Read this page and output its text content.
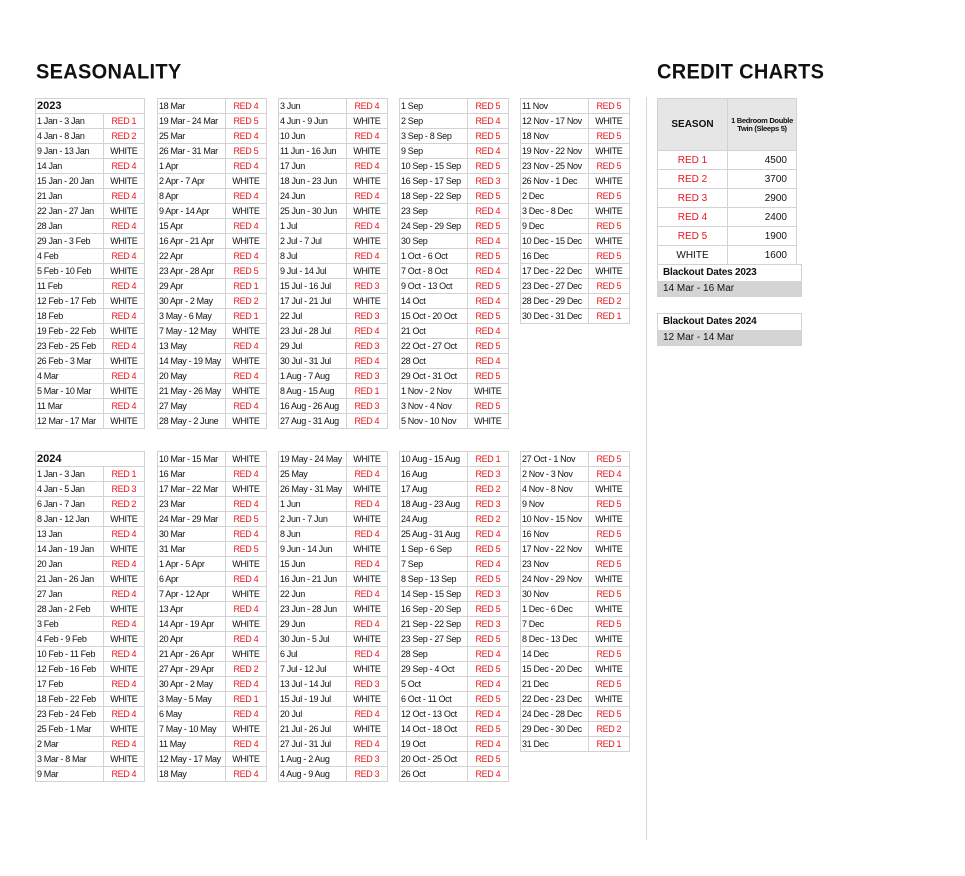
SEASONALITY
2023	
1 Jan - 3 Jan	RED 1
4 Jan - 8 Jan	RED 2
9 Jan - 13 Jan	WHITE
14 Jan	RED 4
15 Jan - 20 Jan	WHITE
21 Jan	RED 4
22 Jan - 27 Jan	WHITE
28 Jan	RED 4
29 Jan - 3 Feb	WHITE
4 Feb	RED 4
5 Feb - 10 Feb	WHITE
11 Feb	RED 4
12 Feb - 17 Feb	WHITE
18 Feb	RED 4
19 Feb - 22 Feb	WHITE
23 Feb - 25 Feb	RED 4
26 Feb - 3 Mar	WHITE
4 Mar	RED 4
5 Mar - 10 Mar	WHITE
11 Mar	RED 4
12 Mar - 17 Mar	WHITE
18 Mar	RED 4
19 Mar - 24 Mar	RED 5
25 Mar	RED 4
26 Mar - 31 Mar	RED 5
1 Apr	RED 4
2 Apr - 7 Apr	WHITE
8 Apr	RED 4
9 Apr - 14 Apr	WHITE
15 Apr	RED 4
16 Apr - 21 Apr	WHITE
22 Apr	RED 4
23 Apr - 28 Apr	RED 5
29 Apr	RED 1
30 Apr - 2 May	RED 2
3 May - 6 May	RED 1
7 May - 12 May	WHITE
13 May	RED 4
14 May - 19 May	WHITE
20 May	RED 4
21 May - 26 May	WHITE
27 May	RED 4
28 May - 2 June	WHITE
3 Jun	RED 4
4 Jun - 9 Jun	WHITE
10 Jun	RED 4
11 Jun - 16 Jun	WHITE
17 Jun	RED 4
18 Jun - 23 Jun	WHITE
24 Jun	RED 4
25 Jun - 30 Jun	WHITE
1 Jul	RED 4
2 Jul - 7 Jul	WHITE
8 Jul	RED 4
9 Jul - 14 Jul	WHITE
15 Jul - 16 Jul	RED 3
17 Jul - 21 Jul	WHITE
22 Jul	RED 3
23 Jul - 28 Jul	RED 4
29 Jul	RED 3
30 Jul - 31 Jul	RED 4
1 Aug - 7 Aug	RED 3
8 Aug - 15 Aug	RED 1
16 Aug - 26 Aug	RED 3
27 Aug - 31 Aug	RED 4
1 Sep	RED 5
2 Sep	RED 4
3 Sep - 8 Sep	RED 5
9 Sep	RED 4
10 Sep - 15 Sep	RED 5
16 Sep - 17 Sep	RED 3
18 Sep - 22 Sep	RED 5
23 Sep	RED 4
24 Sep - 29 Sep	RED 5
30 Sep	RED 4
1 Oct - 6 Oct	RED 5
7 Oct - 8 Oct	RED 4
9 Oct - 13 Oct	RED 5
14 Oct	RED 4
15 Oct - 20 Oct	RED 5
21 Oct	RED 4
22 Oct - 27 Oct	RED 5
28 Oct	RED 4
29 Oct - 31 Oct	RED 5
1 Nov - 2 Nov	WHITE
3 Nov - 4 Nov	RED 5
5 Nov - 10 Nov	WHITE
11 Nov	RED 5
12 Nov - 17 Nov	WHITE
18 Nov	RED 5
19 Nov - 22 Nov	WHITE
23 Nov - 25 Nov	RED 5
26 Nov - 1 Dec	WHITE
2 Dec	RED 5
3 Dec - 8 Dec	WHITE
9 Dec	RED 5
10 Dec - 15 Dec	WHITE
16 Dec	RED 5
17 Dec - 22 Dec	WHITE
23 Dec - 27 Dec	RED 5
28 Dec - 29 Dec	RED 2
30 Dec - 31 Dec	RED 1
2024	
1 Jan - 3 Jan	RED 1
4 Jan - 5 Jan	RED 3
6 Jan - 7 Jan	RED 2
8 Jan - 12 Jan	WHITE
13 Jan	RED 4
14 Jan - 19 Jan	WHITE
20 Jan	RED 4
21 Jan - 26 Jan	WHITE
27 Jan	RED 4
28 Jan - 2 Feb	WHITE
3 Feb	RED 4
4 Feb - 9 Feb	WHITE
10 Feb - 11 Feb	RED 4
12 Feb - 16 Feb	WHITE
17 Feb	RED 4
18 Feb - 22 Feb	WHITE
23 Feb - 24 Feb	RED 4
25 Feb - 1 Mar	WHITE
2 Mar	RED 4
3 Mar - 8 Mar	WHITE
9 Mar	RED 4
10 Mar - 15 Mar	WHITE
16 Mar	RED 4
17 Mar - 22 Mar	WHITE
23 Mar	RED 4
24 Mar - 29 Mar	RED 5
30 Mar	RED 4
31 Mar	RED 5
1 Apr - 5 Apr	WHITE
6 Apr	RED 4
7 Apr - 12 Apr	WHITE
13 Apr	RED 4
14 Apr - 19 Apr	WHITE
20 Apr	RED 4
21 Apr - 26 Apr	WHITE
27 Apr - 29 Apr	RED 2
30 Apr - 2 May	RED 4
3 May - 5 May	RED 1
6 May	RED 4
7 May - 10 May	WHITE
11 May	RED 4
12 May - 17 May	WHITE
18 May	RED 4
19 May - 24 May	WHITE
25 May	RED 4
26 May - 31 May	WHITE
1 Jun	RED 4
2 Jun - 7 Jun	WHITE
8 Jun	RED 4
9 Jun - 14 Jun	WHITE
15 Jun	RED 4
16 Jun - 21 Jun	WHITE
22 Jun	RED 4
23 Jun - 28 Jun	WHITE
29 Jun	RED 4
30 Jun - 5 Jul	WHITE
6 Jul	RED 4
7 Jul - 12 Jul	WHITE
13 Jul - 14 Jul	RED 3
15 Jul - 19 Jul	WHITE
20 Jul	RED 4
21 Jul - 26 Jul	WHITE
27 Jul - 31 Jul	RED 4
1 Aug - 2 Aug	RED 3
4 Aug - 9 Aug	RED 3
10 Aug - 15 Aug	RED 1
16 Aug	RED 3
17 Aug	RED 2
18 Aug - 23 Aug	RED 3
24 Aug	RED 2
25 Aug - 31 Aug	RED 4
1 Sep - 6 Sep	RED 5
7 Sep	RED 4
8 Sep - 13 Sep	RED 5
14 Sep - 15 Sep	RED 3
16 Sep - 20 Sep	RED 5
21 Sep - 22 Sep	RED 3
23 Sep - 27 Sep	RED 5
28 Sep	RED 4
29 Sep - 4 Oct	RED 5
5 Oct	RED 4
6 Oct - 11 Oct	RED 5
12 Oct - 13 Oct	RED 4
14 Oct - 18 Oct	RED 5
19 Oct	RED 4
20 Oct - 25 Oct	RED 5
26 Oct	RED 4
27 Oct - 1 Nov	RED 5
2 Nov - 3 Nov	RED 4
4 Nov - 8 Nov	WHITE
9 Nov	RED 5
10 Nov - 15 Nov	WHITE
16 Nov	RED 5
17 Nov - 22 Nov	WHITE
23 Nov	RED 5
24 Nov - 29 Nov	WHITE
30 Nov	RED 5
1 Dec - 6 Dec	WHITE
7 Dec	RED 5
8 Dec - 13 Dec	WHITE
14 Dec	RED 5
15 Dec - 20 Dec	WHITE
21 Dec	RED 5
22 Dec - 23 Dec	WHITE
24 Dec - 28 Dec	RED 5
29 Dec - 30 Dec	RED 2
31 Dec	RED 1
CREDIT CHARTS
SEASON	1 Bedroom Double Twin (Sleeps 5)
RED 1	4500
RED 2	3700
RED 3	2900
RED 4	2400
RED 5	1900
WHITE	1600
Blackout Dates 2023
14 Mar - 16 Mar
Blackout Dates 2024
12 Mar - 14 Mar
